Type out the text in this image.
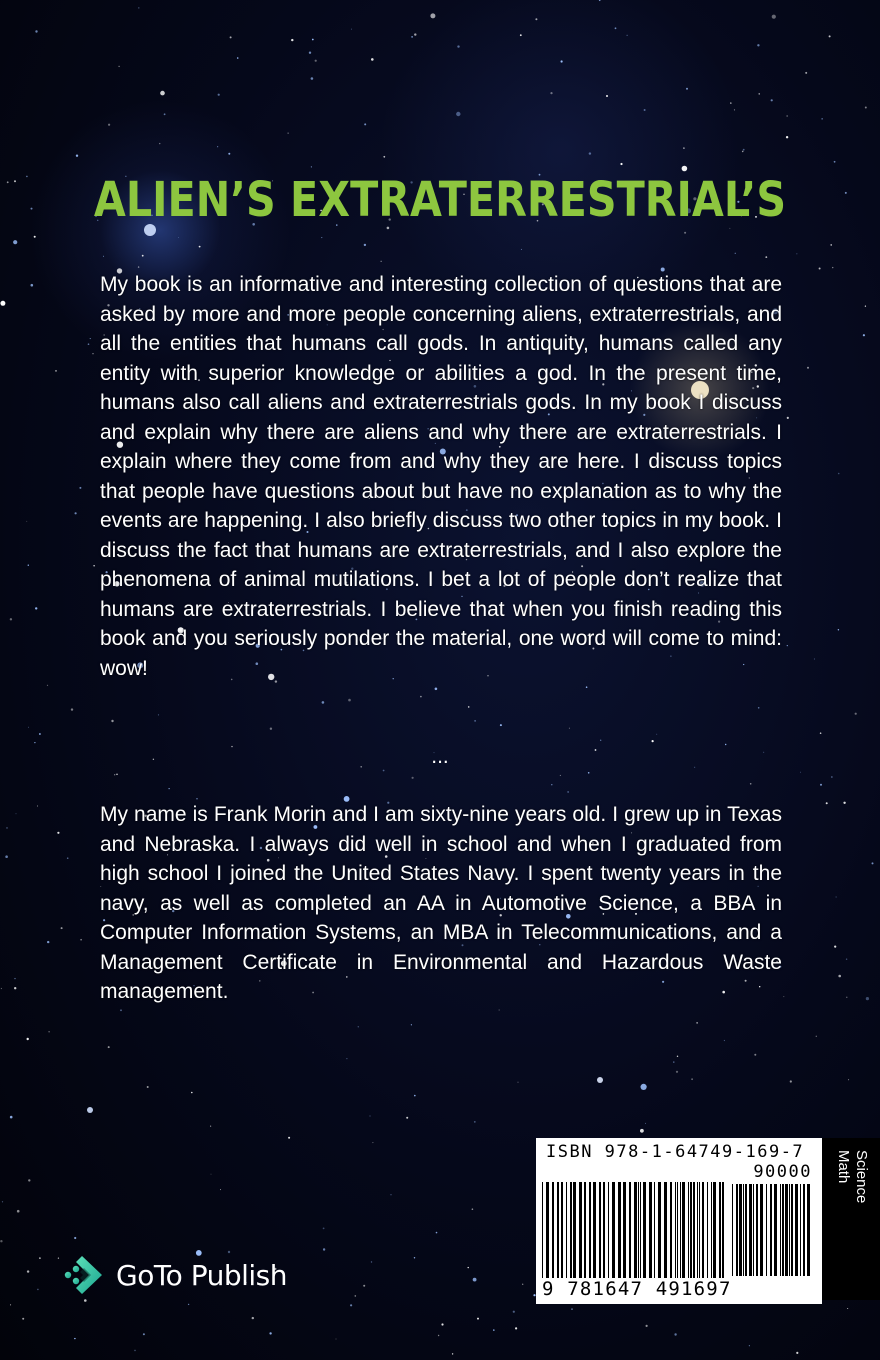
ALIEN’S EXTRATERRESTRIAL’S

My book is an informative and interesting collection of questions that are asked by more and more people concerning aliens, extraterrestrials, and all the entities that humans call gods. In antiquity, humans called any entity with superior knowledge or abilities a god. In the present time, humans also call aliens and extraterrestrials gods. In my book I discuss and explain why there are aliens and why there are extraterrestrials. I explain where they come from and why they are here. I discuss topics that people have questions about but have no explanation as to why the events are happening. I also briefly discuss two other topics in my book. I discuss the fact that humans are extraterrestrials, and I also explore the phenomena of animal mutilations. I bet a lot of people don’t realize that humans are extraterrestrials. I believe that when you finish reading this book and you seriously ponder the material, one word will come to mind: wow!

...

My name is Frank Morin and I am sixty-nine years old. I grew up in Texas and Nebraska. I always did well in school and when I graduated from high school I joined the United States Navy. I spent twenty years in the navy, as well as completed an AA in Automotive Science, a BBA in Computer Information Systems, an MBA in Telecommunications, and a Management Certificate in Environmental and Hazardous Waste management.

GoTo Publish
ISBN 978-1-64749-169-7
90000
9 781647 491697
Science
Math
